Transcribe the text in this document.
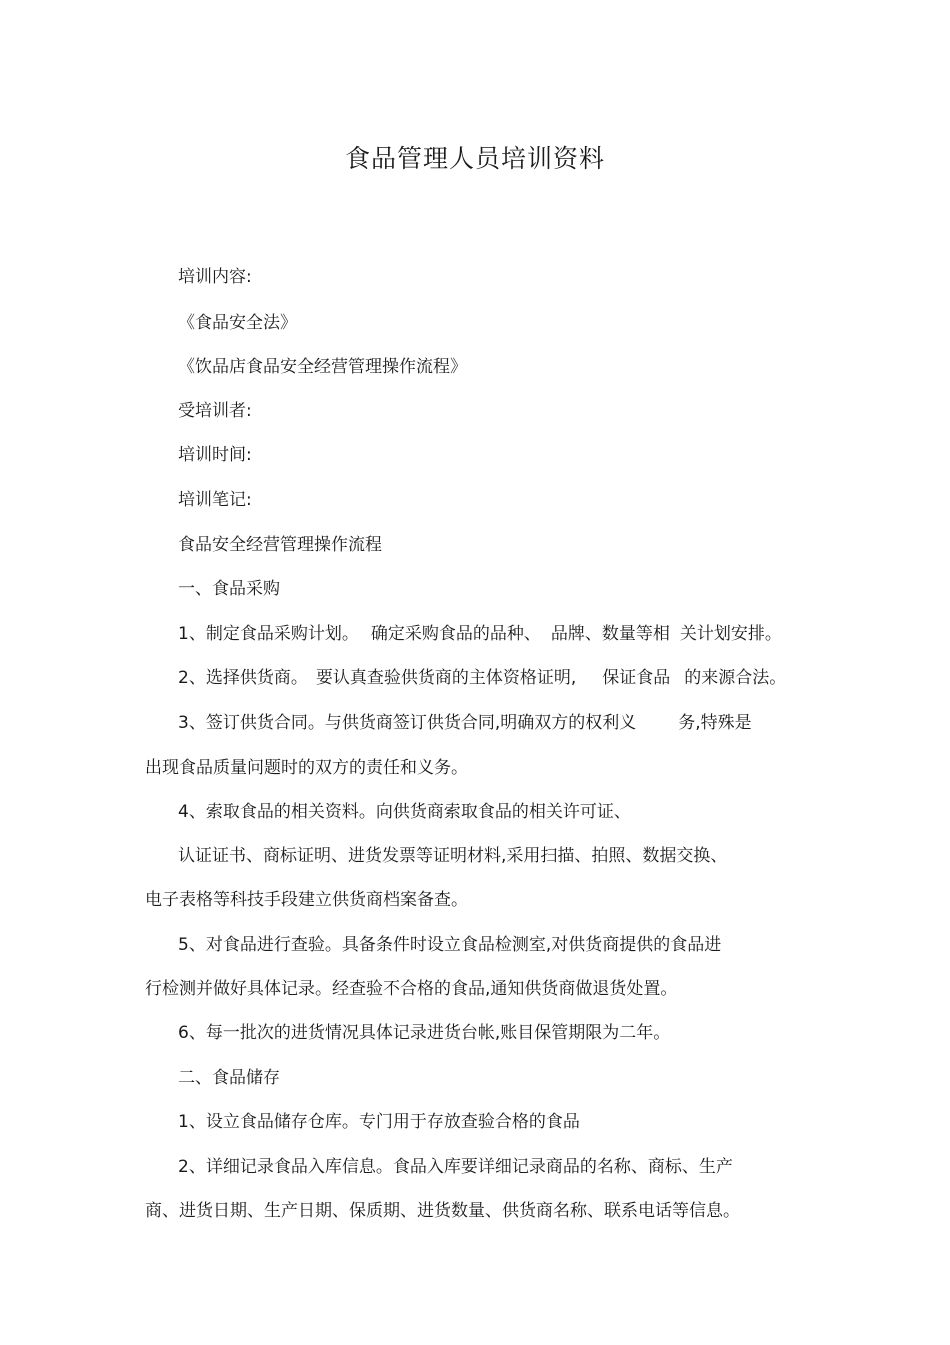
食品管理人员培训资料

培训内容:

《食品安全法》

《饮品店食品安全经营管理操作流程》

受培训者:

培训时间:

培训笔记:

食品安全经营管理操作流程

一、食品采购

1、制定食品采购计划。 确定采购食品的品种、 品牌、数量等相 关计划安排。

2、选择供货商。 要认真查验供货商的主体资格证明, 保证食品 的来源合法。

3、签订供货合同。与供货商签订供货合同,明确双方的权利义 务,特殊是

出现食品质量问题时的双方的责任和义务。

4、索取食品的相关资料。向供货商索取食品的相关许可证、

认证证书、商标证明、进货发票等证明材料,采用扫描、拍照、数据交换、

电子表格等科技手段建立供货商档案备查。

5、对食品进行查验。具备条件时设立食品检测室,对供货商提供的食品进

行检测并做好具体记录。经查验不合格的食品,通知供货商做退货处置。

6、每一批次的进货情况具体记录进货台帐,账目保管期限为二年。

二、食品储存

1、设立食品储存仓库。专门用于存放查验合格的食品

2、详细记录食品入库信息。食品入库要详细记录商品的名称、商标、生产

商、进货日期、生产日期、保质期、进货数量、供货商名称、联系电话等信息。
